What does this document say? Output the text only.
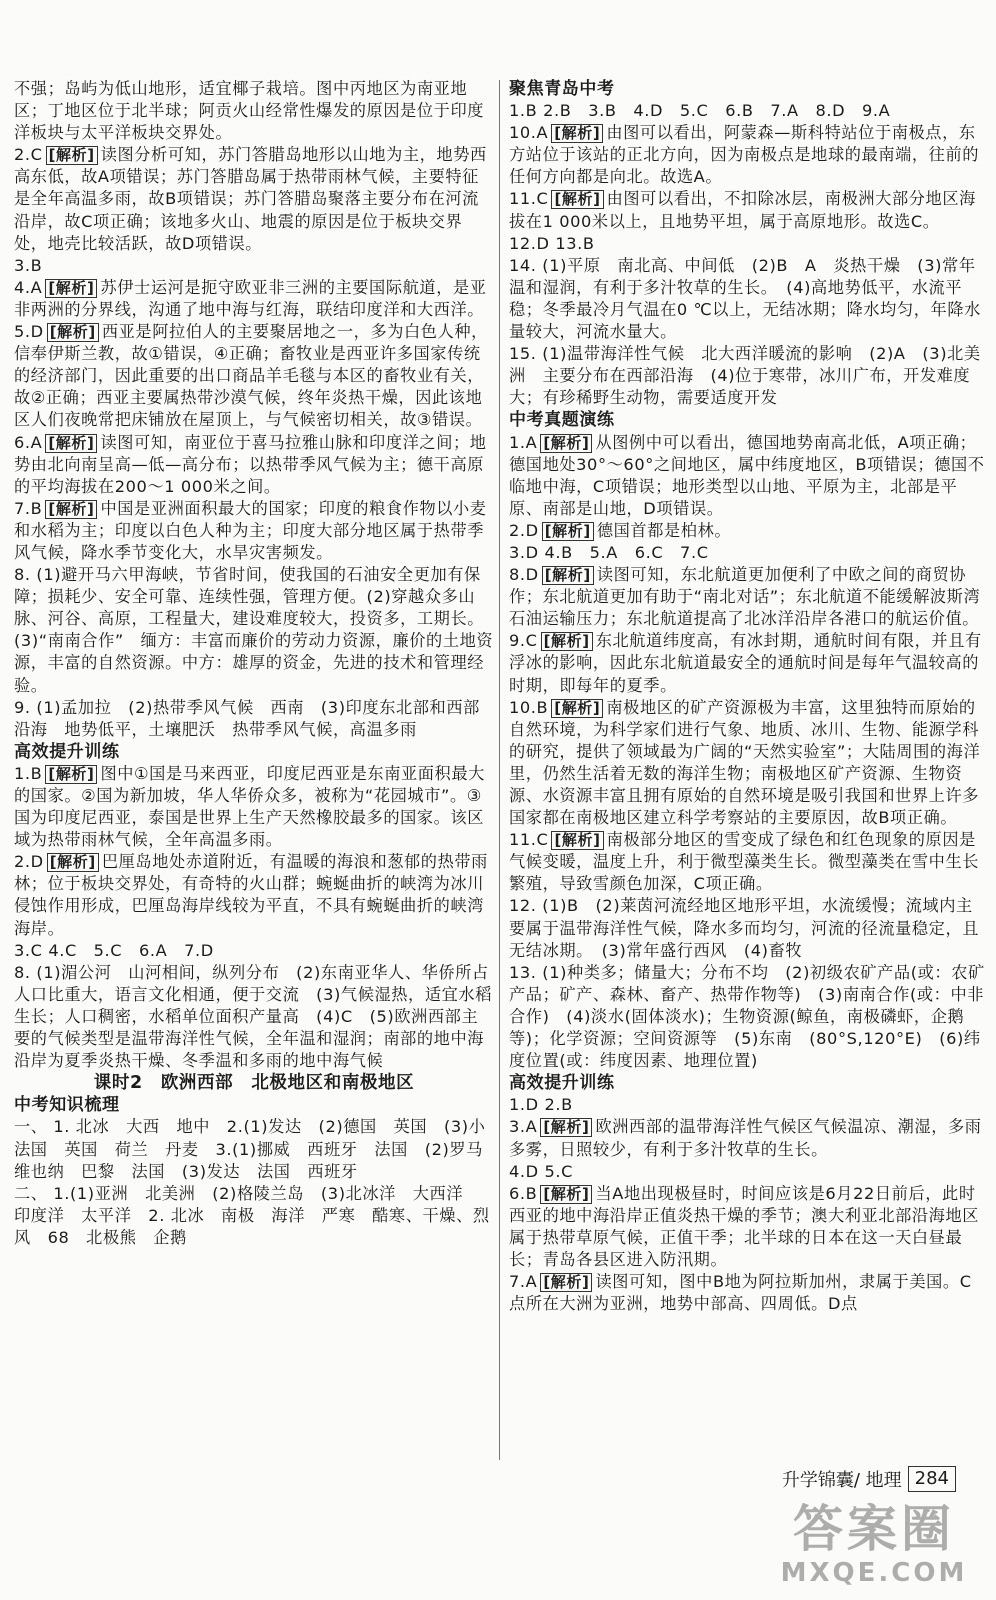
不强；岛屿为低山地形，适宜椰子栽培。图中丙地区为南亚地区；丁地区位于北半球；阿贡火山经常性爆发的原因是位于印度洋板块与太平洋板块交界处。

2.C [解析] 读图分析可知，苏门答腊岛地形以山地为主，地势西高东低，故A项错误；苏门答腊岛属于热带雨林气候，主要特征是全年高温多雨，故B项错误；苏门答腊岛聚落主要分布在河流沿岸，故C项正确；该地多火山、地震的原因是位于板块交界处，地壳比较活跃，故D项错误。

3.B

4.A [解析] 苏伊士运河是扼守欧亚非三洲的主要国际航道，是亚非两洲的分界线，沟通了地中海与红海，联结印度洋和大西洋。

5.D [解析] 西亚是阿拉伯人的主要聚居地之一，多为白色人种，信奉伊斯兰教，故①错误，④正确；畜牧业是西亚许多国家传统的经济部门，因此重要的出口商品羊毛毯与本区的畜牧业有关，故②正确；西亚主要属热带沙漠气候，终年炎热干燥，因此该地区人们夜晚常把床铺放在屋顶上，与气候密切相关，故③错误。

6.A [解析] 读图可知，南亚位于喜马拉雅山脉和印度洋之间；地势由北向南呈高—低—高分布；以热带季风气候为主；德干高原的平均海拔在200～1 000米之间。

7.B [解析] 中国是亚洲面积最大的国家；印度的粮食作物以小麦和水稻为主；印度以白色人种为主；印度大部分地区属于热带季风气候，降水季节变化大，水旱灾害频发。

8. (1)避开马六甲海峡，节省时间，使我国的石油安全更加有保障；损耗少、安全可靠、连续性强，管理方便。(2)穿越众多山脉、河谷、高原，工程量大，建设难度较大，投资多，工期长。　(3)“南南合作”　缅方：丰富而廉价的劳动力资源，廉价的土地资源，丰富的自然资源。中方：雄厚的资金，先进的技术和管理经验。

9. (1)孟加拉　(2)热带季风气候　西南　(3)印度东北部和西部沿海　地势低平，土壤肥沃　热带季风气候，高温多雨

高效提升训练

1.B [解析] 图中①国是马来西亚，印度尼西亚是东南亚面积最大的国家。②国为新加坡，华人华侨众多，被称为“花园城市”。③国为印度尼西亚，泰国是世界上生产天然橡胶最多的国家。该区域为热带雨林气候，全年高温多雨。

2.D [解析] 巴厘岛地处赤道附近，有温暖的海浪和葱郁的热带雨林；位于板块交界处，有奇特的火山群；蜿蜒曲折的峡湾为冰川侵蚀作用形成，巴厘岛海岸线较为平直，不具有蜿蜒曲折的峡湾海岸。

3.C 4.C　5.C　6.A　7.D

8. (1)湄公河　山河相间，纵列分布　(2)东南亚华人、华侨所占人口比重大，语言文化相通，便于交流　(3)气候湿热，适宜水稻生长；人口稠密，水稻单位面积产量高　(4)C　(5)欧洲西部主要的气候类型是温带海洋性气候，全年温和湿润；南部的地中海沿岸为夏季炎热干燥、冬季温和多雨的地中海气候

课时2　欧洲西部　北极地区和南极地区

中考知识梳理

一、 1. 北冰　大西　地中　2.(1)发达　(2)德国　英国　(3)小　法国　英国　荷兰　丹麦　3.(1)挪威　西班牙　法国　(2)罗马　维也纳　巴黎　法国　(3)发达　法国　西班牙

二、 1.(1)亚洲　北美洲　(2)格陵兰岛　(3)北冰洋　大西洋　印度洋　太平洋　2. 北冰　南极　海洋　严寒　酷寒、干燥、烈风　68　北极熊　企鹅

聚焦青岛中考

1.B 2.B　3.B　4.D　5.C　6.B　7.A　8.D　9.A

10.A [解析] 由图可以看出，阿蒙森—斯科特站位于南极点，东方站位于该站的正北方向，因为南极点是地球的最南端，往前的任何方向都是向北。故选A。

11.C [解析] 由图可以看出，不扣除冰层，南极洲大部分地区海拔在1 000米以上，且地势平坦，属于高原地形。故选C。

12.D 13.B

14. (1)平原　南北高、中间低　(2)B　A　炎热干燥　(3)常年温和湿润，有利于多汁牧草的生长。　(4)高地势低平，水流平稳；冬季最冷月气温在0 ℃以上，无结冰期；降水均匀，年降水量较大，河流水量大。

15. (1)温带海洋性气候　北大西洋暖流的影响　(2)A　(3)北美洲　主要分布在西部沿海　(4)位于寒带，冰川广布，开发难度大；有珍稀野生动物，需要适度开发

中考真题演练

1.A [解析] 从图例中可以看出，德国地势南高北低，A项正确；德国地处30°～60°之间地区，属中纬度地区，B项错误；德国不临地中海，C项错误；地形类型以山地、平原为主，北部是平原、南部是山地，D项错误。

2.D [解析] 德国首都是柏林。

3.D 4.B　5.A　6.C　7.C

8.D [解析] 读图可知，东北航道更加便利了中欧之间的商贸协作；东北航道更加有助于“南北对话”；东北航道不能缓解波斯湾石油运输压力；东北航道提高了北冰洋沿岸各港口的航运价值。

9.C [解析] 东北航道纬度高，有冰封期，通航时间有限，并且有浮冰的影响，因此东北航道最安全的通航时间是每年气温较高的时期，即每年的夏季。

10.B [解析] 南极地区的矿产资源极为丰富，这里独特而原始的自然环境，为科学家们进行气象、地质、冰川、生物、能源学科的研究，提供了领域最为广阔的“天然实验室”；大陆周围的海洋里，仍然生活着无数的海洋生物；南极地区矿产资源、生物资源、水资源丰富且拥有原始的自然环境是吸引我国和世界上许多国家都在南极地区建立科学考察站的主要原因，故B项正确。

11.C [解析] 南极部分地区的雪变成了绿色和红色现象的原因是气候变暖，温度上升，利于微型藻类生长。微型藻类在雪中生长繁殖，导致雪颜色加深，C项正确。

12. (1)B　(2)莱茵河流经地区地形平坦，水流缓慢；流域内主要属于温带海洋性气候，降水多而均匀，河流的径流量稳定，且无结冰期。　(3)常年盛行西风　(4)畜牧

13. (1)种类多；储量大；分布不均　(2)初级农矿产品(或：农矿产品；矿产、森林、畜产、热带作物等)　(3)南南合作(或：中非合作)　(4)淡水(固体淡水)；生物资源(鲸鱼，南极磷虾，企鹅等)；化学资源；空间资源等　(5)东南　(80°S,120°E)　(6)纬度位置(或：纬度因素、地理位置)

高效提升训练

1.D 2.B

3.A [解析] 欧洲西部的温带海洋性气候区气候温凉、潮湿，多雨多雾，日照较少，有利于多汁牧草的生长。

4.D 5.C

6.B [解析] 当A地出现极昼时，时间应该是6月22日前后，此时西亚的地中海沿岸正值炎热干燥的季节；澳大利亚北部沿海地区属于热带草原气候，正值干季；北半球的日本在这一天白昼最长；青岛各县区进入防汛期。

7.A [解析] 读图可知，图中B地为阿拉斯加州，隶属于美国。C点所在大洲为亚洲，地势中部高、四周低。D点

升学锦囊/ 地理 284
答案圈
MXQE.COM
